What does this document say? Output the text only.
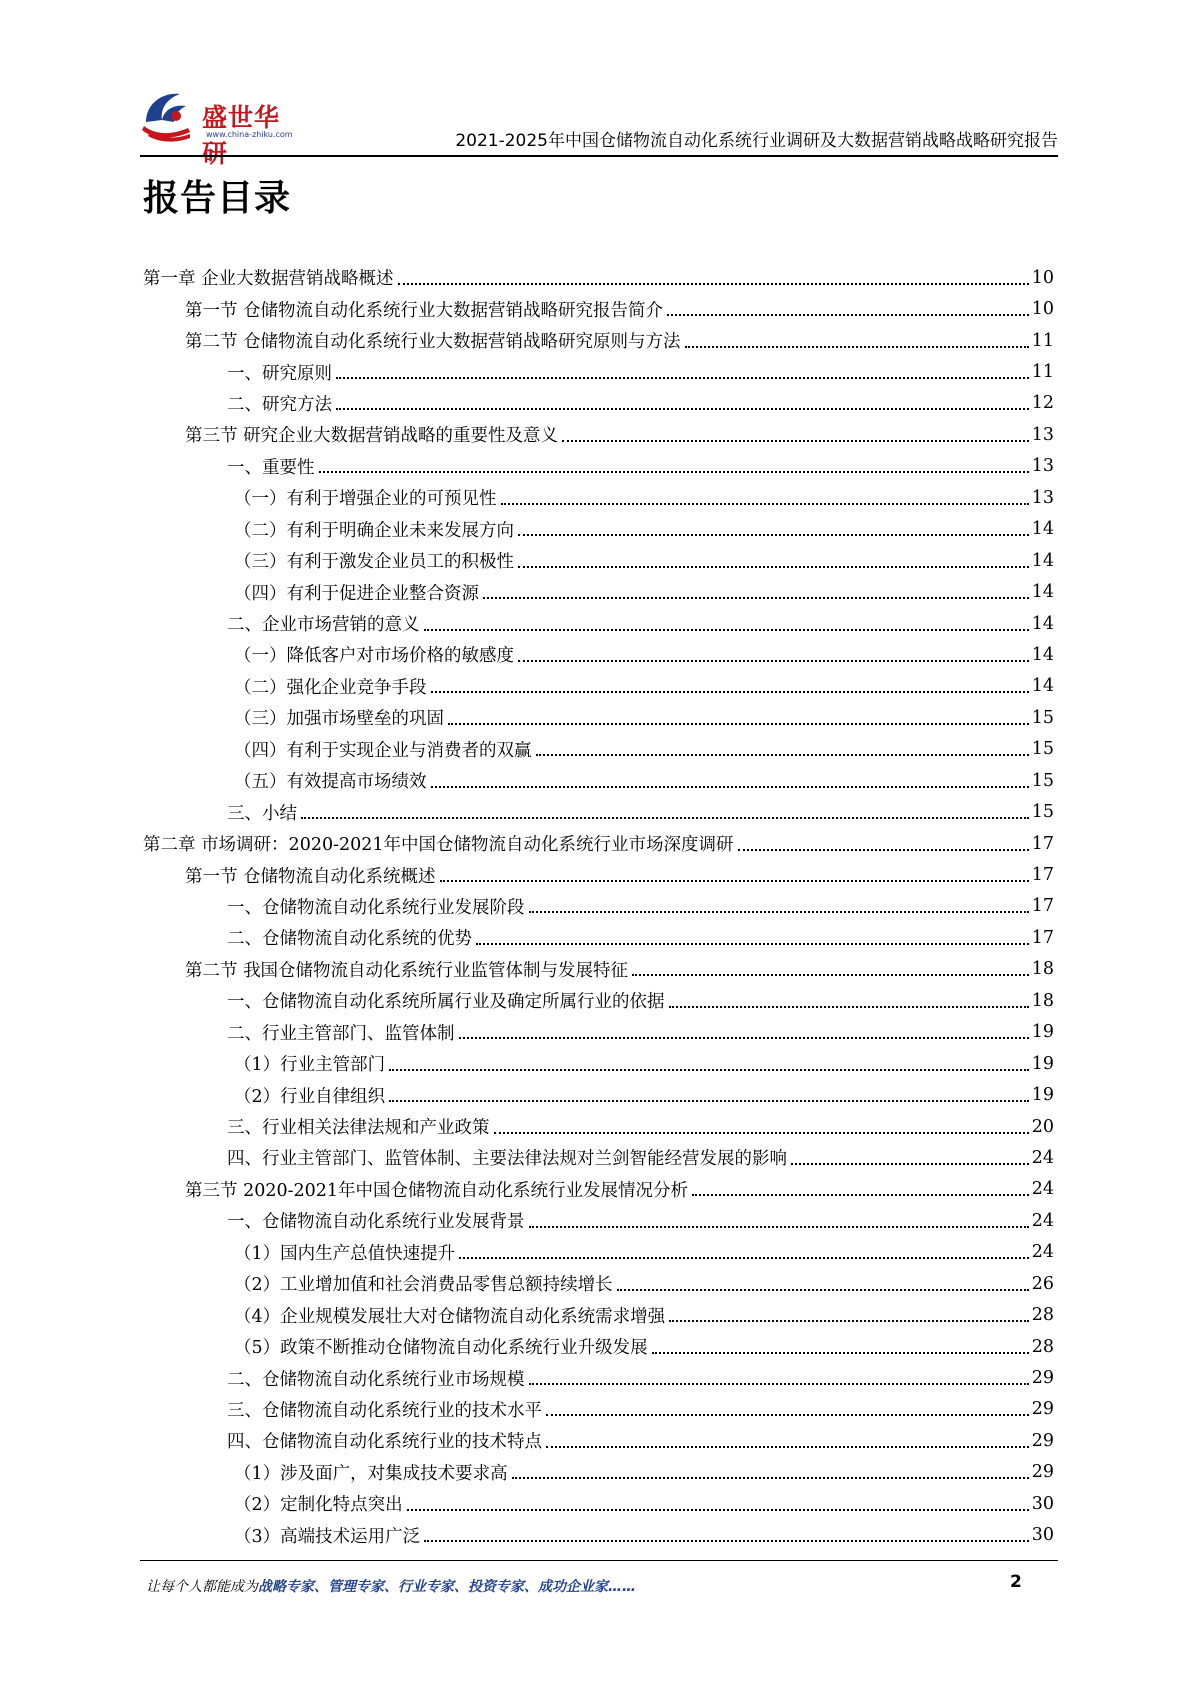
盛世华研
www.china-zhiku.com	2021-2025年中国仓储物流自动化系统行业调研及大数据营销战略战略研究报告
报告目录
第一章 企业大数据营销战略概述	10
第一节 仓储物流自动化系统行业大数据营销战略研究报告简介	10
第二节 仓储物流自动化系统行业大数据营销战略研究原则与方法	11
一、研究原则	11
二、研究方法	12
第三节 研究企业大数据营销战略的重要性及意义	13
一、重要性	13
（一）有利于增强企业的可预见性	13
（二）有利于明确企业未来发展方向	14
（三）有利于激发企业员工的积极性	14
（四）有利于促进企业整合资源	14
二、企业市场营销的意义	14
（一）降低客户对市场价格的敏感度	14
（二）强化企业竞争手段	14
（三）加强市场壁垒的巩固	15
（四）有利于实现企业与消费者的双赢	15
（五）有效提高市场绩效	15
三、小结	15
第二章 市场调研：2020-2021年中国仓储物流自动化系统行业市场深度调研	17
第一节 仓储物流自动化系统概述	17
一、仓储物流自动化系统行业发展阶段	17
二、仓储物流自动化系统的优势	17
第二节 我国仓储物流自动化系统行业监管体制与发展特征	18
一、仓储物流自动化系统所属行业及确定所属行业的依据	18
二、行业主管部门、监管体制	19
（1）行业主管部门	19
（2）行业自律组织	19
三、行业相关法律法规和产业政策	20
四、行业主管部门、监管体制、主要法律法规对兰剑智能经营发展的影响	24
第三节 2020-2021年中国仓储物流自动化系统行业发展情况分析	24
一、仓储物流自动化系统行业发展背景	24
（1）国内生产总值快速提升	24
（2）工业增加值和社会消费品零售总额持续增长	26
（4）企业规模发展壮大对仓储物流自动化系统需求增强	28
（5）政策不断推动仓储物流自动化系统行业升级发展	28
二、仓储物流自动化系统行业市场规模	29
三、仓储物流自动化系统行业的技术水平	29
四、仓储物流自动化系统行业的技术特点	29
（1）涉及面广，对集成技术要求高	29
（2）定制化特点突出	30
（3）高端技术运用广泛	30
让每个人都能成为战略专家、管理专家、行业专家、投资专家、成功企业家……	2
